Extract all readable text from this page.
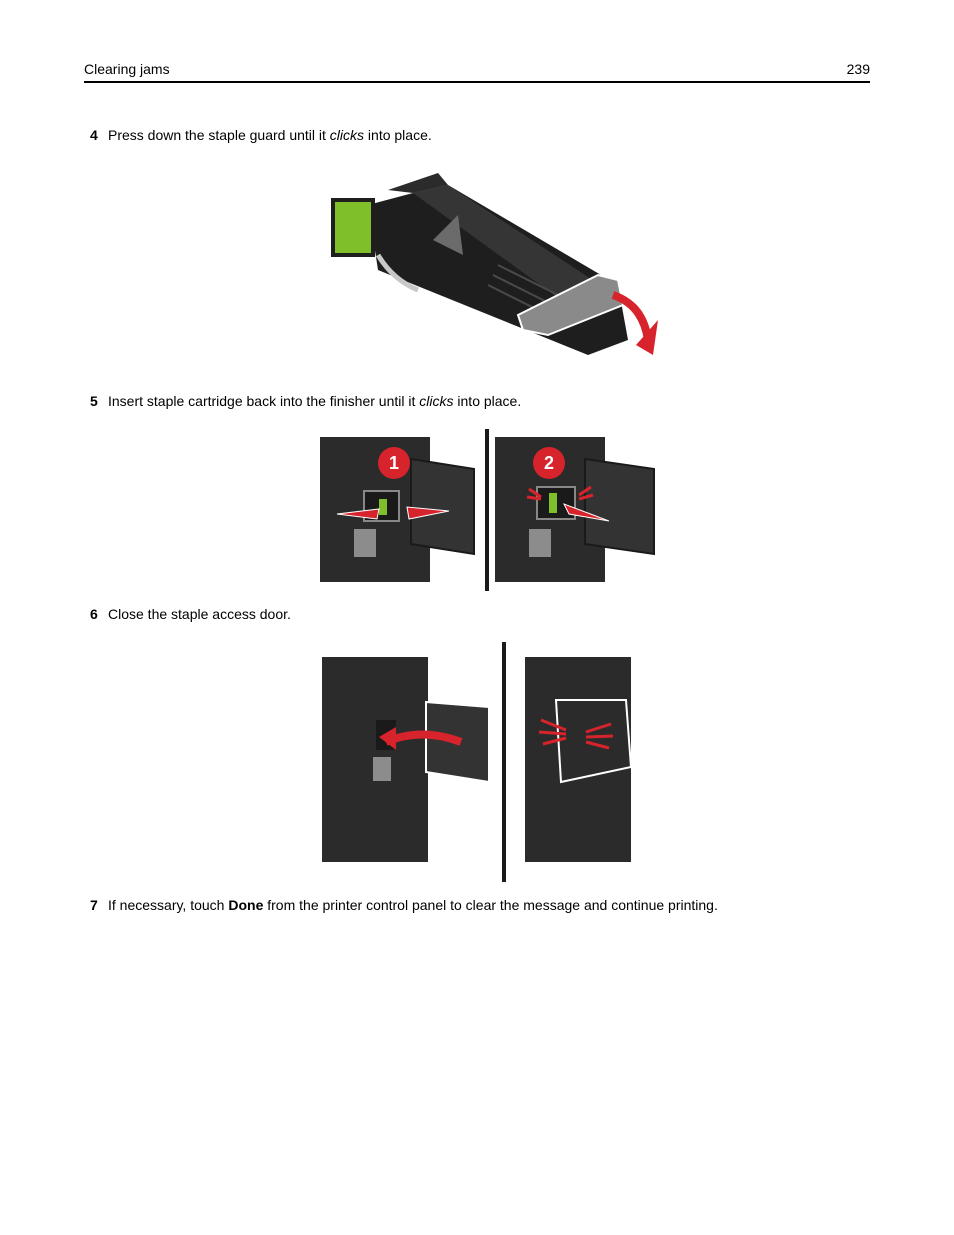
Clearing jams	239
4 Press down the staple guard until it clicks into place.
5 Insert staple cartridge back into the finisher until it clicks into place.
1	2
6 Close the staple access door.
7 If necessary, touch Done from the printer control panel to clear the message and continue printing.
